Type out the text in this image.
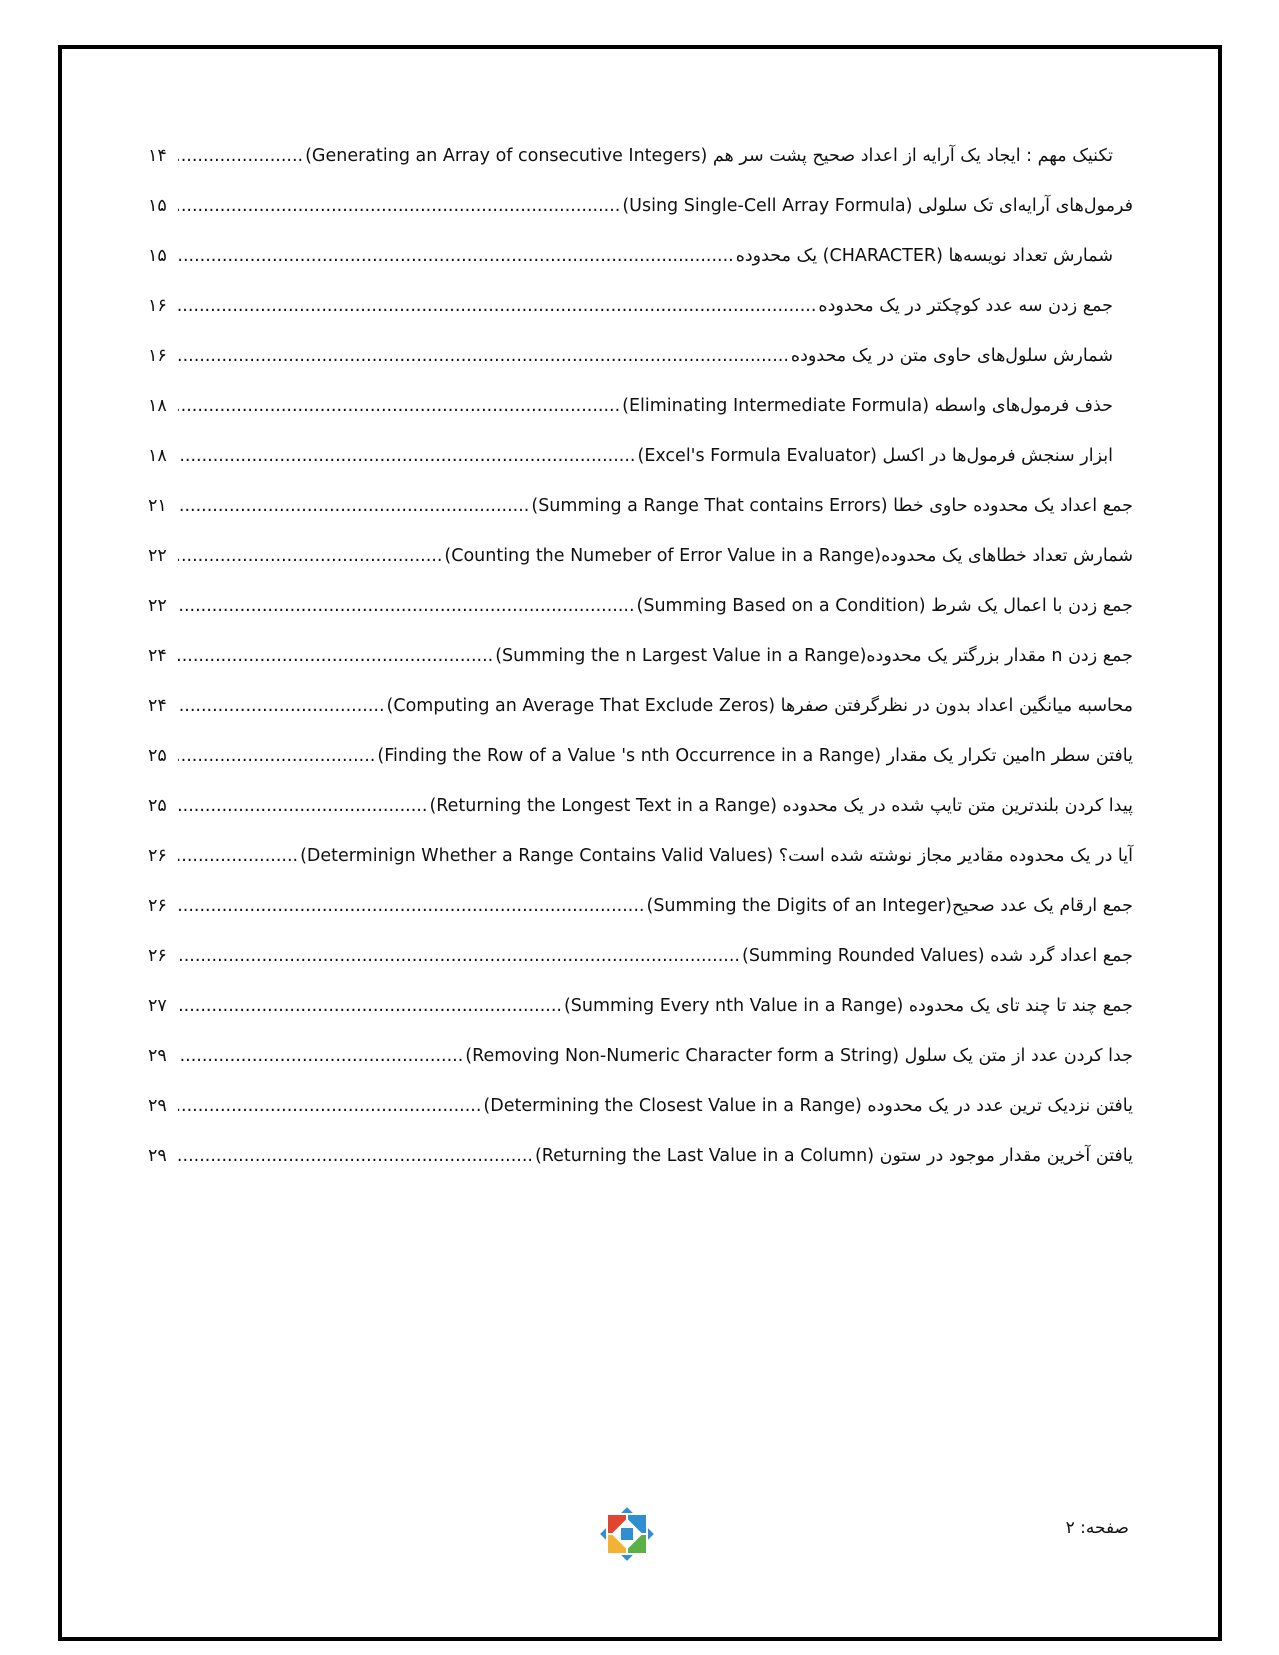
تکنیک مهم : ایجاد یک آرایه از اعداد صحیح پشت سر هم (Generating an Array of consecutive Integers)
.....
۱۴
فرمول‌های آرایه‌ای تک سلولی (Using Single-Cell Array Formula)
.....
۱۵
شمارش تعداد نویسه‌ها (CHARACTER) یک محدوده
.....
۱۵
جمع زدن سه عدد کوچکتر در یک محدوده
.....
۱۶
شمارش سلول‌های حاوی متن در یک محدوده
.....
۱۶
حذف فرمول‌های واسطه (Eliminating Intermediate Formula)
.....
۱۸
ابزار سنجش فرمول‌ها در اکسل (Excel's Formula Evaluator)
.....
۱۸
جمع اعداد یک محدوده حاوی خطا (Summing a Range That contains Errors)
.....
۲۱
شمارش تعداد خطاهای یک محدوده(Counting the Numeber of Error Value in a Range)
.....
۲۲
جمع زدن با اعمال یک شرط (Summing Based on a Condition)
.....
۲۲
جمع زدن n مقدار بزرگتر یک محدوده(Summing the n Largest Value in a Range)
.....
۲۴
محاسبه میانگین اعداد بدون در نظرگرفتن صفرها (Computing an Average That Exclude Zeros)
.....
۲۴
یافتن سطر nامین تکرار یک مقدار (Finding the Row of a Value 's nth Occurrence in a Range)
.....
۲۵
پیدا کردن بلندترین متن تایپ شده در یک محدوده (Returning the Longest Text in a Range)
.....
۲۵
آیا در یک محدوده مقادیر مجاز نوشته شده است؟ (Determinign Whether a Range Contains Valid Values)
.....
۲۶
جمع ارقام یک عدد صحیح(Summing the Digits of an Integer)
.....
۲۶
جمع اعداد گرد شده (Summing Rounded Values)
.....
۲۶
جمع چند تا چند تای یک محدوده (Summing Every nth Value in a Range)
.....
۲۷
جدا کردن عدد از متن یک سلول (Removing Non-Numeric Character form a String)
.....
۲۹
یافتن نزدیک ترین عدد در یک محدوده (Determining the Closest Value in a Range)
.....
۲۹
یافتن آخرین مقدار موجود در ستون (Returning the Last Value in a Column)
.....
۲۹
صفحه: ۲
